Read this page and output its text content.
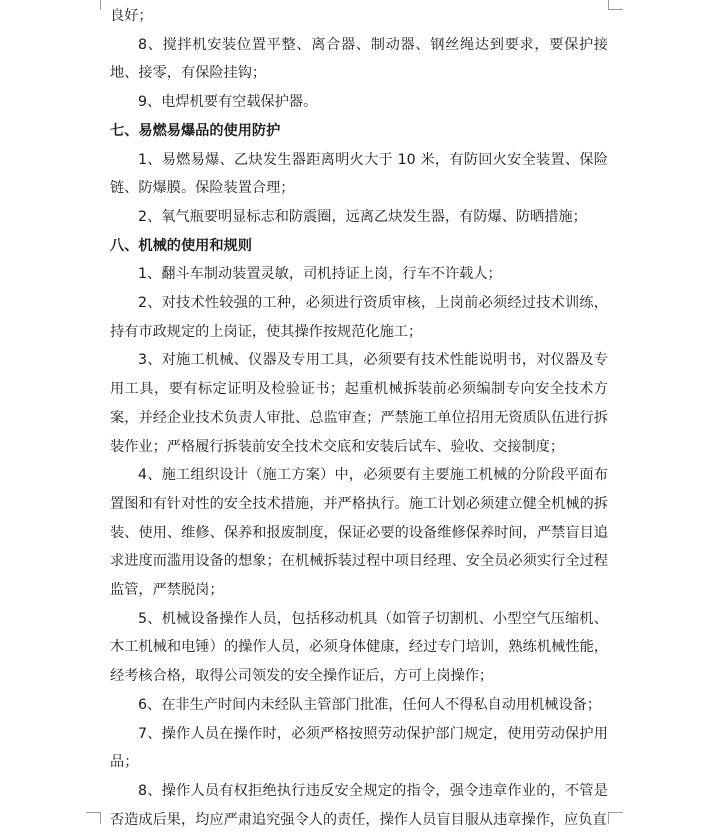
良好；

8、搅拌机安装位置平整、离合器、制动器、钢丝绳达到要求，要保护接地、接零，有保险挂钩；

9、电焊机要有空载保护器。

七、易燃易爆品的使用防护

1、易燃易爆、乙炔发生器距离明火大于 10 米，有防回火安全装置、保险链、防爆膜。保险装置合理；

2、氧气瓶要明显标志和防震圈，远离乙炔发生器，有防爆、防晒措施；

八、机械的使用和规则

1、翻斗车制动装置灵敏，司机持证上岗，行车不许载人；

2、对技术性较强的工种，必须进行资质审核，上岗前必须经过技术训练，持有市政规定的上岗证，使其操作按规范化施工；

3、对施工机械、仪器及专用工具，必须要有技术性能说明书，对仪器及专用工具，要有标定证明及检验证书；起重机械拆装前必须编制专向安全技术方案，并经企业技术负责人审批、总监审查；严禁施工单位招用无资质队伍进行拆装作业；严格履行拆装前安全技术交底和安装后试车、验收、交接制度；

4、施工组织设计（施工方案）中，必须要有主要施工机械的分阶段平面布置图和有针对性的安全技术措施，并严格执行。施工计划必须建立健全机械的拆装、使用、维修、保养和报废制度，保证必要的设备维修保养时间，严禁盲目追求进度而滥用设备的想象；在机械拆装过程中项目经理、安全员必须实行全过程监管，严禁脱岗；

5、机械设备操作人员，包括移动机具（如管子切割机、小型空气压缩机、木工机械和电锤）的操作人员，必须身体健康，经过专门培训，熟练机械性能，经考核合格，取得公司领发的安全操作证后，方可上岗操作；

6、在非生产时间内未经队主管部门批准，任何人不得私自动用机械设备；

7、操作人员在操作时，必须严格按照劳动保护部门规定，使用劳动保护用品；

8、操作人员有权拒绝执行违反安全规定的指令，强令违章作业的，不管是否造成后果，均应严肃追究强令人的责任，操作人员盲目服从违章操作，应负直
